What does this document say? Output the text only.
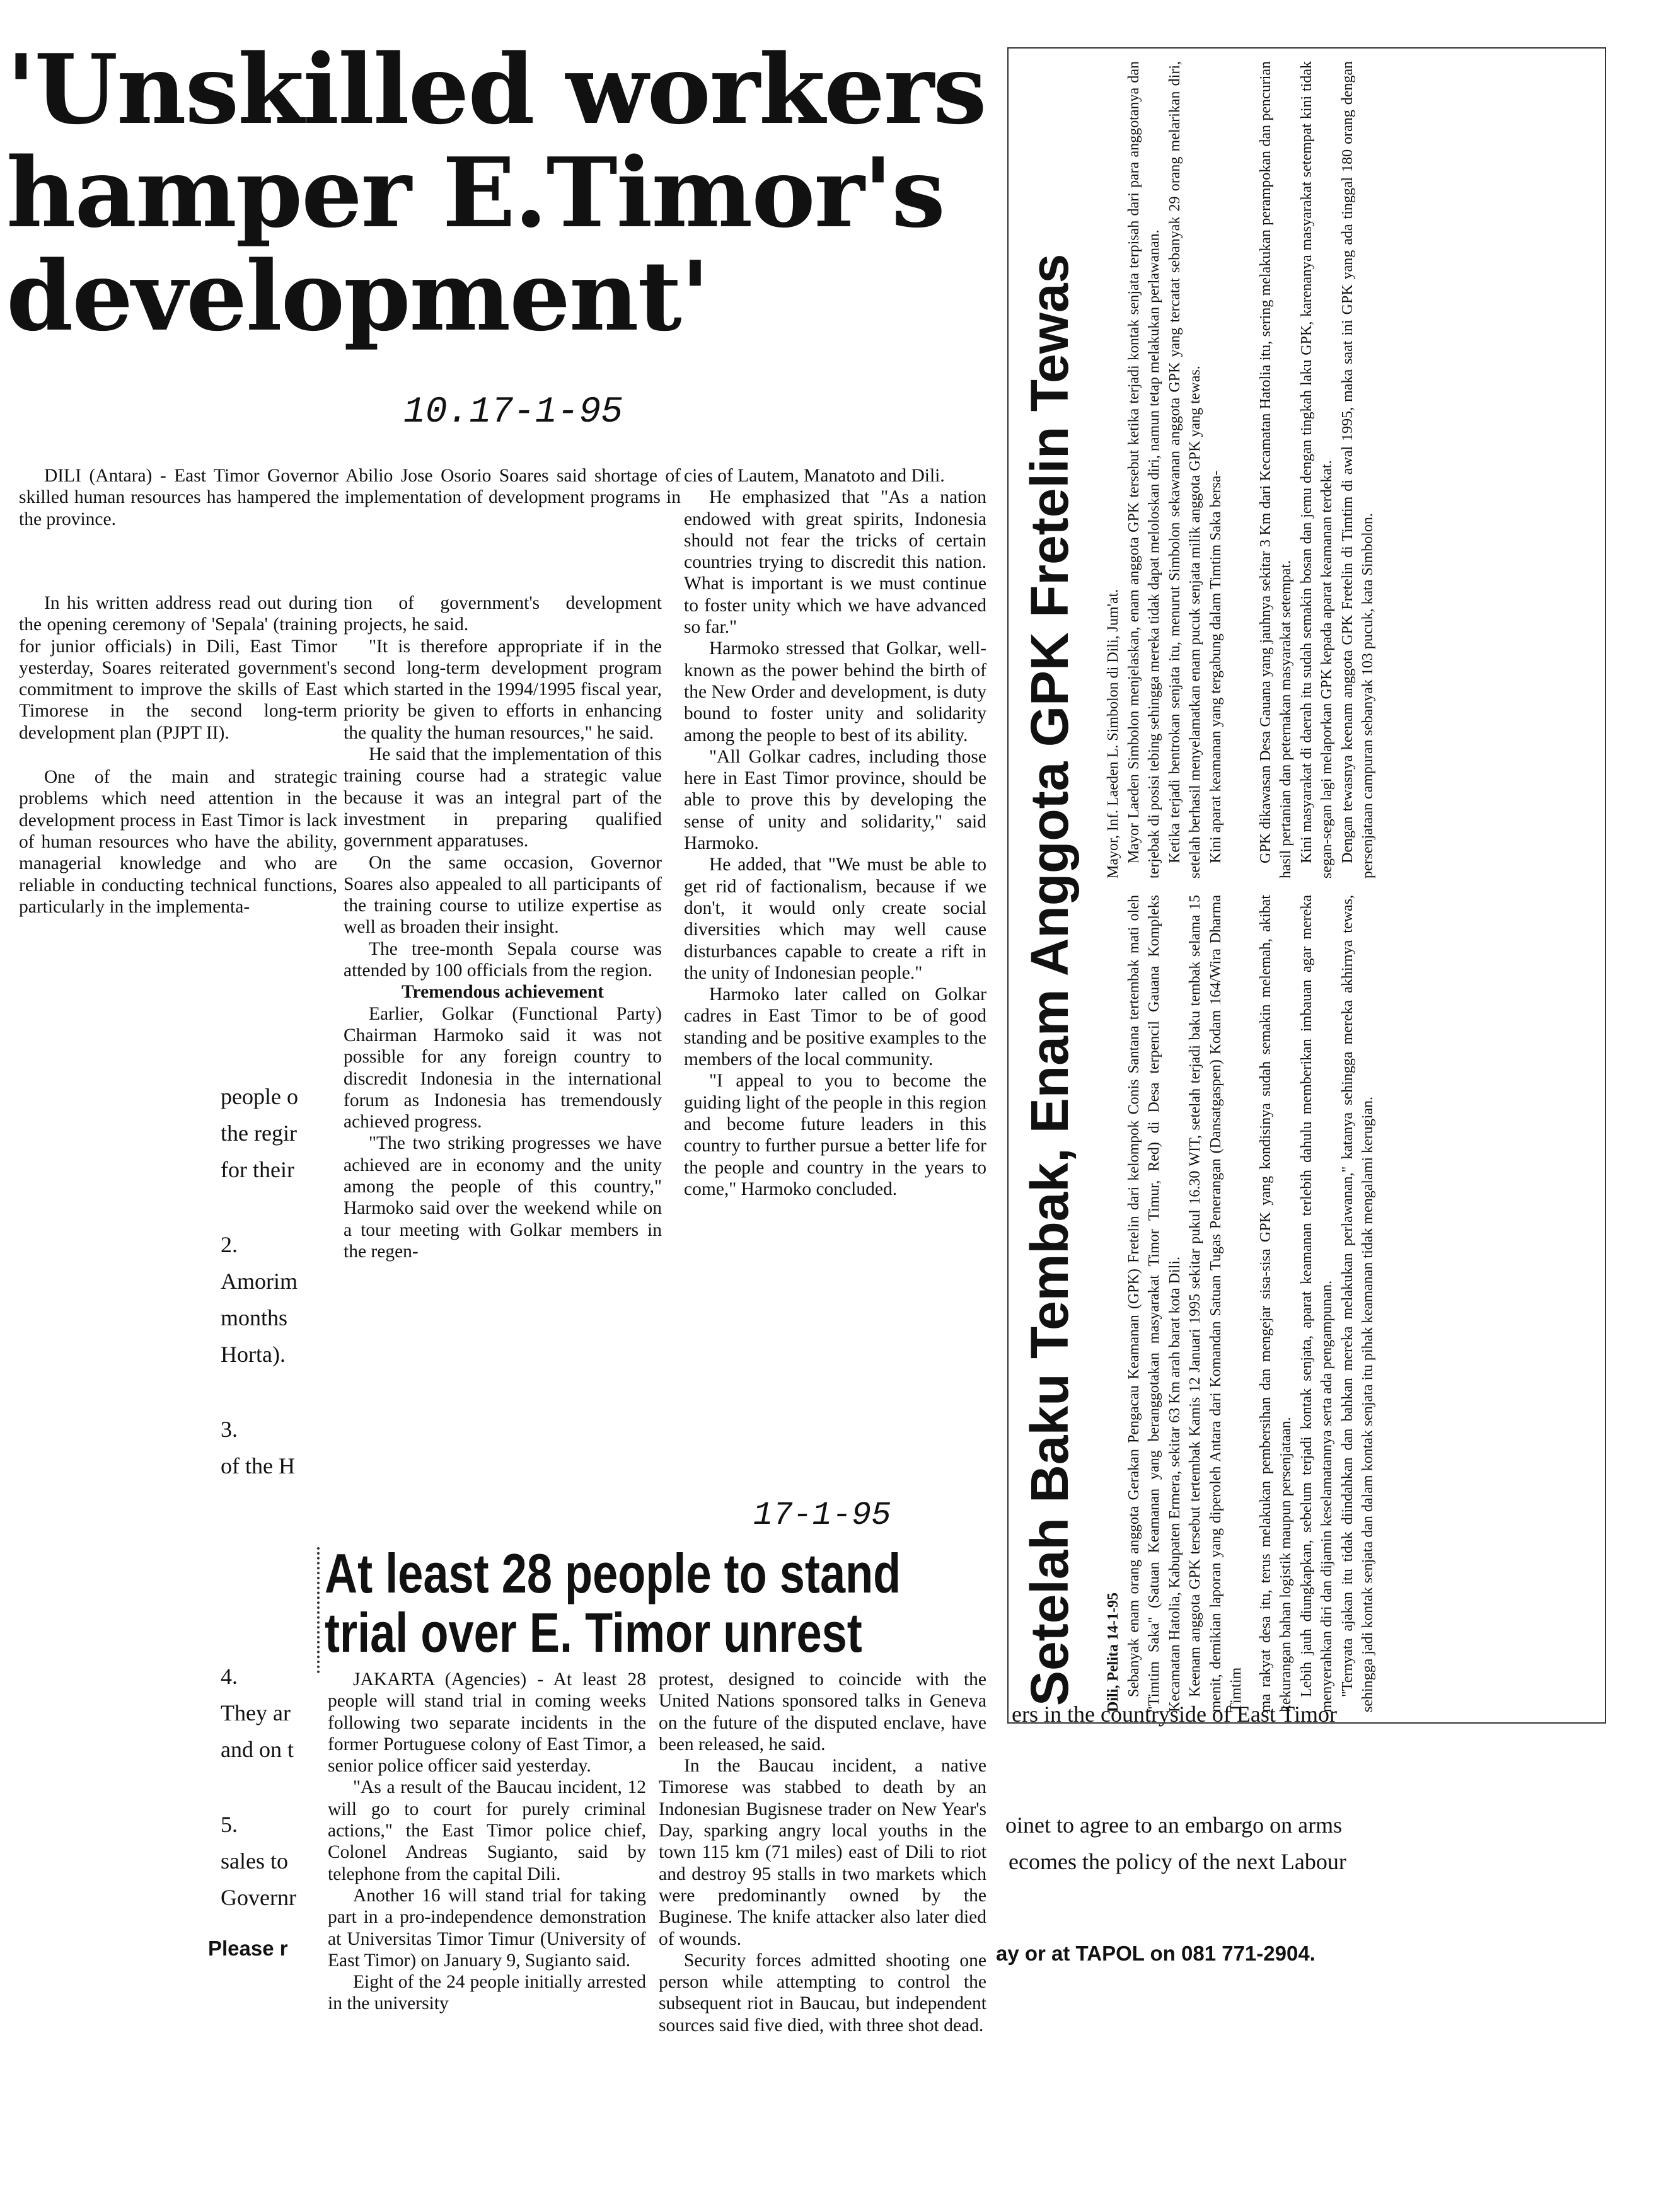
'Unskilled workers
hamper E.Timor's
development'
10.17-1-95

DILI (Antara) - East Timor Governor Abilio Jose Osorio Soares said shortage of skilled human resources has hampered the implementation of development programs in the province.

In his written address read out during the opening ceremony of 'Sepala' (training for junior officials) in Dili, East Timor yesterday, Soares reiterated government's commitment to improve the skills of East Timorese in the second long-term development plan (PJPT II).

One of the main and strategic problems which need attention in the development process in East Timor is lack of human resources who have the ability, managerial knowledge and who are reliable in conducting technical functions, particularly in the implementa-

tion of government's development projects, he said.

"It is therefore appropriate if in the second long-term development program which started in the 1994/1995 fiscal year, priority be given to efforts in enhancing the quality the human resources," he said.

He said that the implementation of this training course had a strategic value because it was an integral part of the investment in preparing qualified government apparatuses.

On the same occasion, Governor Soares also appealed to all participants of the training course to utilize expertise as well as broaden their insight.

The tree-month Sepala course was attended by 100 officials from the region.

Tremendous achievement

Earlier, Golkar (Functional Party) Chairman Harmoko said it was not possible for any foreign country to discredit Indonesia in the international forum as Indonesia has tremendously achieved progress.

"The two striking progresses we have achieved are in economy and the unity among the people of this country," Harmoko said over the weekend while on a tour meeting with Golkar members in the regen-

cies of Lautem, Manatoto and Dili.

He emphasized that "As a nation endowed with great spirits, Indonesia should not fear the tricks of certain countries trying to discredit this nation. What is important is we must continue to foster unity which we have advanced so far."

Harmoko stressed that Golkar, well-known as the power behind the birth of the New Order and development, is duty bound to foster unity and solidarity among the people to best of its ability.

"All Golkar cadres, including those here in East Timor province, should be able to prove this by developing the sense of unity and solidarity," said Harmoko.

He added, that "We must be able to get rid of factionalism, because if we don't, it would only create social diversities which may well cause disturbances capable to create a rift in the unity of Indonesian people."

Harmoko later called on Golkar cadres in East Timor to be of good standing and be positive examples to the members of the local community.

"I appeal to you to become the guiding light of the people in this region and become future leaders in this country to further pursue a better life for the people and country in the years to come," Harmoko concluded.

people o
the regir
for their
2.
Amorim
months
Horta).
3.
of the H
4.
They ar
and on t
5.
sales to
Governr
Please r
ers in the countryside of East Timor
oinet to agree to an embargo on arms
ecomes the policy of the next Labour
ay or at TAPOL on 081 771-2904.
At least 28 people to stand
trial over E. Timor unrest
17-1-95

JAKARTA (Agencies) - At least 28 people will stand trial in coming weeks following two separate incidents in the former Portuguese colony of East Timor, a senior police officer said yesterday.

"As a result of the Baucau incident, 12 will go to court for purely criminal actions," the East Timor police chief, Colonel Andreas Sugianto, said by telephone from the capital Dili.

Another 16 will stand trial for taking part in a pro-independence demonstration at Universitas Timor Timur (University of East Timor) on January 9, Sugianto said.

Eight of the 24 people initially arrested in the university

protest, designed to coincide with the United Nations sponsored talks in Geneva on the future of the disputed enclave, have been released, he said.

In the Baucau incident, a native Timorese was stabbed to death by an Indonesian Bugisnese trader on New Year's Day, sparking angry local youths in the town 115 km (71 miles) east of Dili to riot and destroy 95 stalls in two markets which were predominantly owned by the Buginese. The knife attacker also later died of wounds.

Security forces admitted shooting one person while attempting to control the subsequent riot in Baucau, but independent sources said five died, with three shot dead.

Setelah Baku Tembak, Enam Anggota GPK Fretelin Tewas Dili, Pelita 14-1-95 Sebanyak enam orang anggota Gerakan Pengacau Keamanan (GPK) Fretelin dari kelompok Conis Santana tertembak mati oleh "Timtim Saka" (Satuan Keamanan yang beranggotakan masyarakat Timor Timur, Red) di Desa terpencil Gauana Kompleks Kecamatan Hatolia, Kabupaten Ermera, sekitar 63 Km arah barat kota Dili. Keenam anggota GPK tersebut tertembak Kamis 12 Januari 1995 sekitar pukul 16.30 WIT, setelah terjadi baku tembak selama 15 menit, demikian laporan yang diperoleh Antara dari Komandan Satuan Tugas Penerangan (Dansatgaspen) Kodam 164/Wira Dharma Timtim

Mayor, Inf. Laeden L. Simbolon di Dili, Jum'at. Mayor Laeden Simbolon menjelaskan, enam anggota GPK tersebut ketika terjadi kontak senjata terpisah dari para anggotanya dan terjebak di posisi tebing sehingga mereka tidak dapat meloloskan diri, namun tetap melakukan perlawanan. Ketika terjadi bentrokan senjata itu, menurut Simbolon sekawanan anggota GPK yang tercatat sebanyak 29 orang melarikan diri, setelah berhasil menyelamatkan enam pucuk senjata milik anggota GPK yang tewas. Kini aparat keamanan yang tergabung dalam Timtim Saka bersa-

ma rakyat desa itu, terus melakukan pembersihan dan mengejar sisa-sisa GPK yang kondisinya sudah semakin melemah, akibat kekurangan bahan logistik maupun persenjataan. Lebih jauh diungkapkan, sebelum terjadi kontak senjata, aparat keamanan terlebih dahulu memberikan imbauan agar mereka menyerahkan diri dan dijamin keselamatannya serta ada pengampunan. "Ternyata ajakan itu tidak diindahkan dan bahkan mereka melakukan perlawanan," katanya sehingga mereka akhirnya tewas, sehingga jadi kontak senjata dan dalam kontak senjata itu pihak keamanan tidak mengalami kerugian.

GPK dikawasan Desa Gauana yang jauhnya sekitar 3 Km dari Kecamatan Hatolia itu, sering melakukan perampokan dan pencurian hasil pertanian dan peternakan masyarakat setempat. Kini masyarakat di daerah itu sudah semakin bosan dan jemu dengan tingkah laku GPK, karenanya masyarakat setempat kini tidak segan-segan lagi melaporkan GPK kepada aparat keamanan terdekat. Dengan tewasnya keenam anggota GPK Fretelin di Timtim di awal 1995, maka saat ini GPK yang ada tinggal 180 orang dengan persenjataan campuran sebanyak 103 pucuk, kata Simbolon.
